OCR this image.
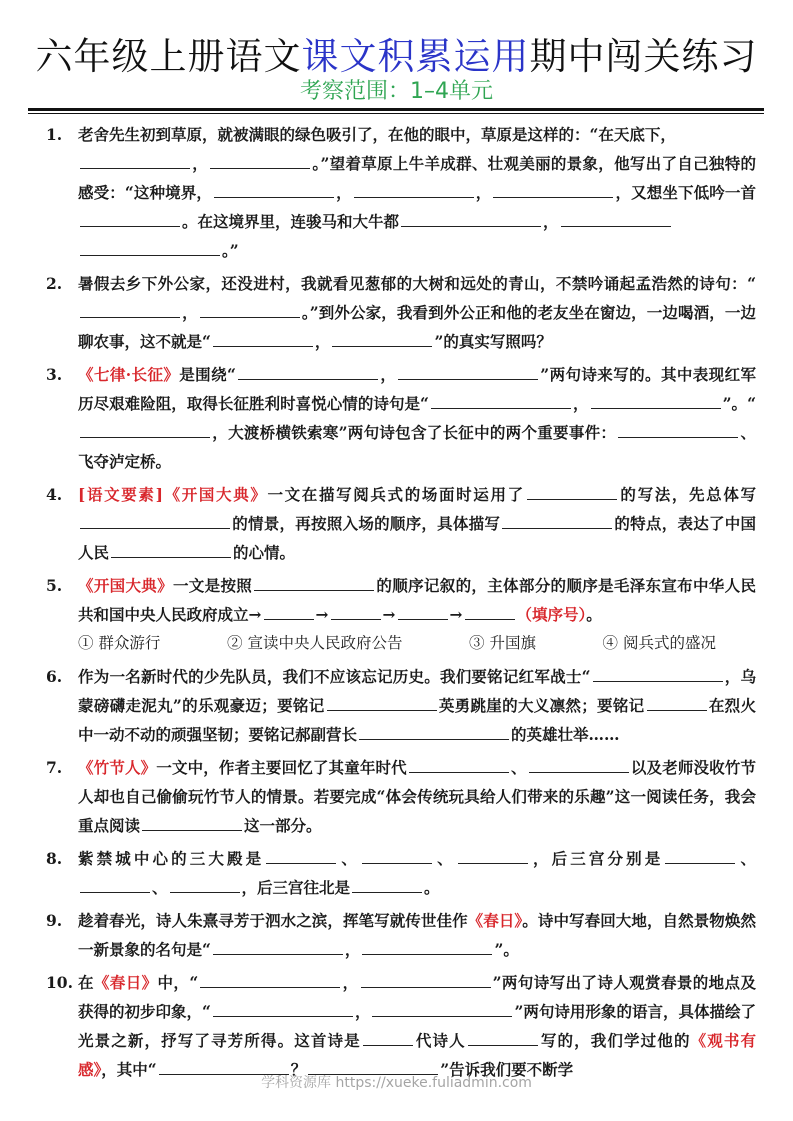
六年级上册语文课文积累运用期中闯关练习
考察范围：1–4单元
1. 老舍先生初到草原，就被满眼的绿色吸引了，在他的眼中，草原是这样的：“在天底下，
，	。”望着草原上牛羊成群、壮观美丽的景象，他写出了自己独特的感受：“这种境界，	，	，	，又想坐下低吟一首。在这境界里，连骏马和大牛都	，
。”
2. 暑假去乡下外公家，还没进村，我就看见葱郁的大树和远处的青山，不禁吟诵起孟浩然的诗句：“，	。”到外公家，我看到外公正和他的老友坐在窗边，一边喝酒，一边聊农事，这不就是“	，	”的真实写照吗？
3. 《七律·长征》是围绕“	，	”两句诗来写的。其中表现红军历尽艰难险阻，取得长征胜利时喜悦心情的诗句是“	，	”。“，大渡桥横铁索寒”两句诗包含了长征中的两个重要事件：	、飞夺泸定桥。
4. [语文要素]《开国大典》一文在描写阅兵式的场面时运用了	的写法，先总体写的情景，再按照入场的顺序，具体描写	的特点，表达了中国人民	的心情。
5. 《开国大典》一文是按照	的顺序记叙的，主体部分的顺序是毛泽东宣布中华人民共和国中央人民政府成立→	→	→	→	（填序号）。
① 群众游行	② 宣读中央人民政府公告	③ 升国旗	④ 阅兵式的盛况
6. 作为一名新时代的少先队员，我们不应该忘记历史。我们要铭记红军战士“	，乌蒙磅礴走泥丸”的乐观豪迈；要铭记	英勇跳崖的大义凛然；要铭记	在烈火中一动不动的顽强坚韧；要铭记郝副营长	的英雄壮举……
7. 《竹节人》一文中，作者主要回忆了其童年时代	、	以及老师没收竹节人却也自己偷偷玩竹节人的情景。若要完成“体会传统玩具给人们带来的乐趣”这一阅读任务，我会重点阅读	这一部分。
8. 紫禁城中心的三大殿是	、	、	，后三宫分别是	、、	，后三宫往北是	。
9. 趁着春光，诗人朱熹寻芳于泗水之滨，挥笔写就传世佳作《春日》。诗中写春回大地，自然景物焕然一新景象的名句是“	，	”。
10. 在《春日》中，“	，	”两句诗写出了诗人观赏春景的地点及获得的初步印象，“	，	”两句诗用形象的语言，具体描绘了光景之新，抒写了寻芳所得。这首诗是	代诗人	写的，我们学过他的《观书有感》，其中“	？	”告诉我们要不断学
学科资源库 https://xueke.fuliadmin.com
